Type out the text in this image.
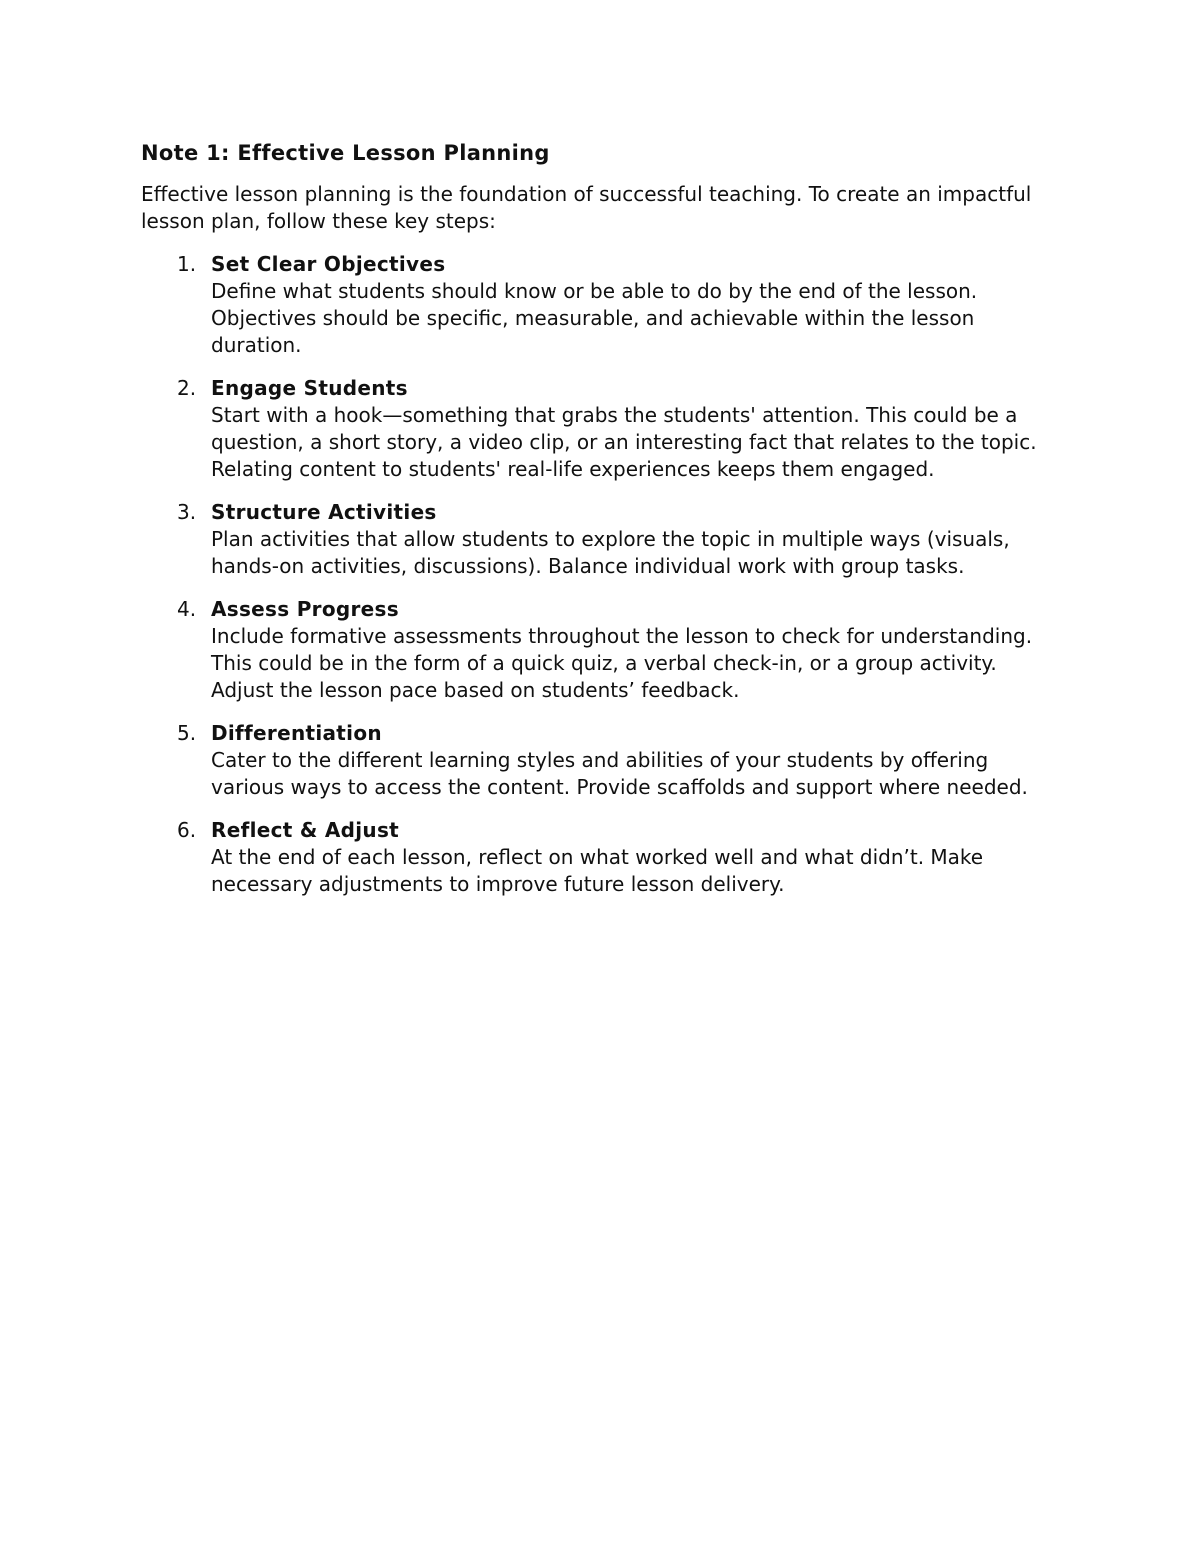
Note 1: Effective Lesson Planning

Effective lesson planning is the foundation of successful teaching. To create an impactful lesson plan, follow these key steps:

1. Set Clear Objectives
Define what students should know or be able to do by the end of the lesson. Objectives should be specific, measurable, and achievable within the lesson duration.
2. Engage Students
Start with a hook—something that grabs the students' attention. This could be a question, a short story, a video clip, or an interesting fact that relates to the topic. Relating content to students' real-life experiences keeps them engaged.
3. Structure Activities
Plan activities that allow students to explore the topic in multiple ways (visuals, hands-on activities, discussions). Balance individual work with group tasks.
4. Assess Progress
Include formative assessments throughout the lesson to check for understanding. This could be in the form of a quick quiz, a verbal check-in, or a group activity. Adjust the lesson pace based on students’ feedback.
5. Differentiation
Cater to the different learning styles and abilities of your students by offering various ways to access the content. Provide scaffolds and support where needed.
6. Reflect & Adjust
At the end of each lesson, reflect on what worked well and what didn’t. Make necessary adjustments to improve future lesson delivery.
